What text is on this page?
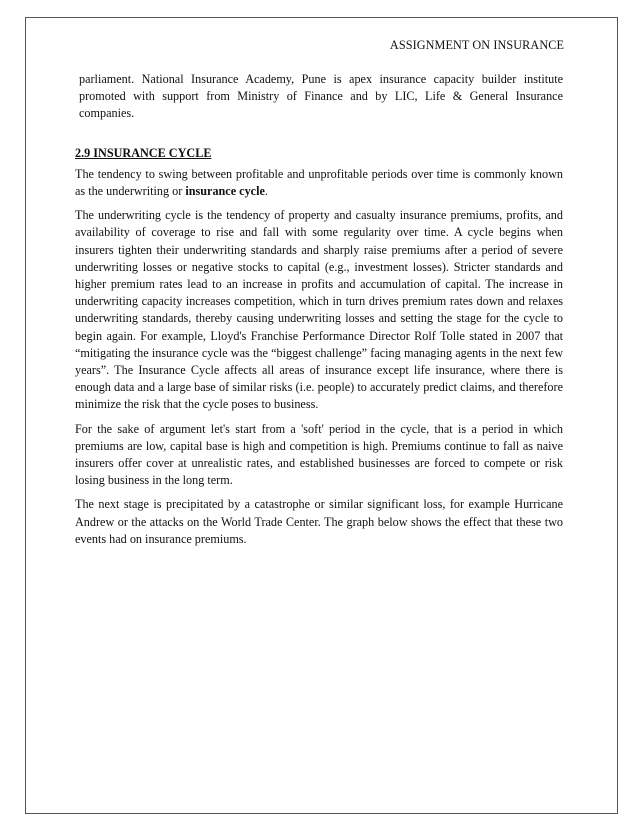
ASSIGNMENT ON INSURANCE

parliament. National Insurance Academy, Pune is apex insurance capacity builder institute promoted with support from Ministry of Finance and by LIC, Life & General Insurance companies.

2.9 INSURANCE CYCLE

The tendency to swing between profitable and unprofitable periods over time is commonly known as the underwriting or insurance cycle.

The underwriting cycle is the tendency of property and casualty insurance premiums, profits, and availability of coverage to rise and fall with some regularity over time. A cycle begins when insurers tighten their underwriting standards and sharply raise premiums after a period of severe underwriting losses or negative stocks to capital (e.g., investment losses). Stricter standards and higher premium rates lead to an increase in profits and accumulation of capital. The increase in underwriting capacity increases competition, which in turn drives premium rates down and relaxes underwriting standards, thereby causing underwriting losses and setting the stage for the cycle to begin again. For example, Lloyd's Franchise Performance Director Rolf Tolle stated in 2007 that “mitigating the insurance cycle was the “biggest challenge” facing managing agents in the next few years”. The Insurance Cycle affects all areas of insurance except life insurance, where there is enough data and a large base of similar risks (i.e. people) to accurately predict claims, and therefore minimize the risk that the cycle poses to business.

For the sake of argument let's start from a 'soft' period in the cycle, that is a period in which premiums are low, capital base is high and competition is high. Premiums continue to fall as naive insurers offer cover at unrealistic rates, and established businesses are forced to compete or risk losing business in the long term.

The next stage is precipitated by a catastrophe or similar significant loss, for example Hurricane Andrew or the attacks on the World Trade Center. The graph below shows the effect that these two events had on insurance premiums.
